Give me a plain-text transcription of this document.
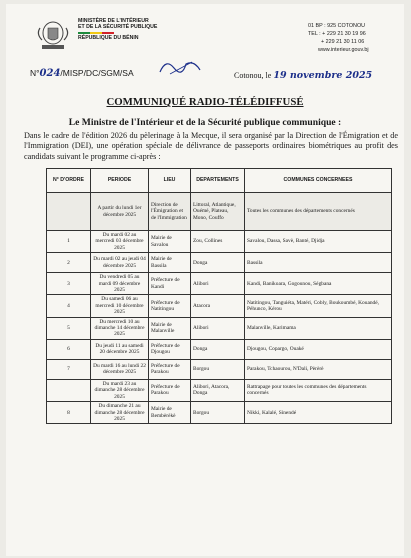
MINISTÈRE DE L'INTÉRIEUR
ET DE LA SÉCURITÉ PUBLIQUE
RÉPUBLIQUE DU BÉNIN
01 BP : 925 COTONOU
TEL : + 229 21 30 19 96
+ 229 21 30 11 06
www.interieur.gouv.bj
N°024/MISP/DC/SGM/SA	Cotonou, le 19 novembre 2025
COMMUNIQUÉ RADIO-TÉLÉDIFFUSÉ
Le Ministre de l'Intérieur et de la Sécurité publique communique :
Dans le cadre de l'édition 2026 du pèlerinage à la Mecque, il sera organisé par la Direction de l'Émigration et de l'Immigration (DEI), une opération spéciale de délivrance de passeports ordinaires biométriques au profit des candidats suivant le programme ci-après :
N° D'ORDRE	PERIODE	LIEU	DEPARTEMENTS	COMMUNES CONCERNEES
	A partir du lundi 1er décembre 2025	Direction de l'Émigration et de l'Immigration	Littoral, Atlantique, Ouémé, Plateau, Mono, Couffo	Toutes les communes des départements concernés
1	Du mardi 02 au mercredi 03 décembre 2025	Mairie de Savalou	Zou, Collines	Savalou, Dassa, Savè, Banté, Djidja
2	Du mardi 02 au jeudi 04 décembre 2025	Mairie de Bassila	Donga	Bassila
3	Du vendredi 05 au mardi 09 décembre 2025	Préfecture de Kandi	Alibori	Kandi, Banikoara, Gogounou, Ségbana
4	Du samedi 06 au mercredi 10 décembre 2025	Préfecture de Natitingou	Atacora	Natitingou, Tanguiéta, Matéri, Cobly, Boukoumbé, Kouandé, Péhunco, Kérou
5	Du mercredi 10 au dimanche 14 décembre 2025	Mairie de Malanville	Alibori	Malanville, Karimama
6	Du jeudi 11 au samedi 20 décembre 2025	Préfecture de Djougou	Donga	Djougou, Copargo, Ouaké
7	Du mardi 16 au lundi 22 décembre 2025	Préfecture de Parakou	Borgou	Parakou, Tchaourou, N'Dali, Pèrèrè
	Du mardi 23 au dimanche 28 décembre 2025	Préfecture de Parakou	Alibori, Atacora, Donga	Rattrapage pour toutes les communes des départements concernés
8	Du dimanche 21 au dimanche 28 décembre 2025	Mairie de Bembèrèkè	Borgou	Nikki, Kalalé, Sinendé
